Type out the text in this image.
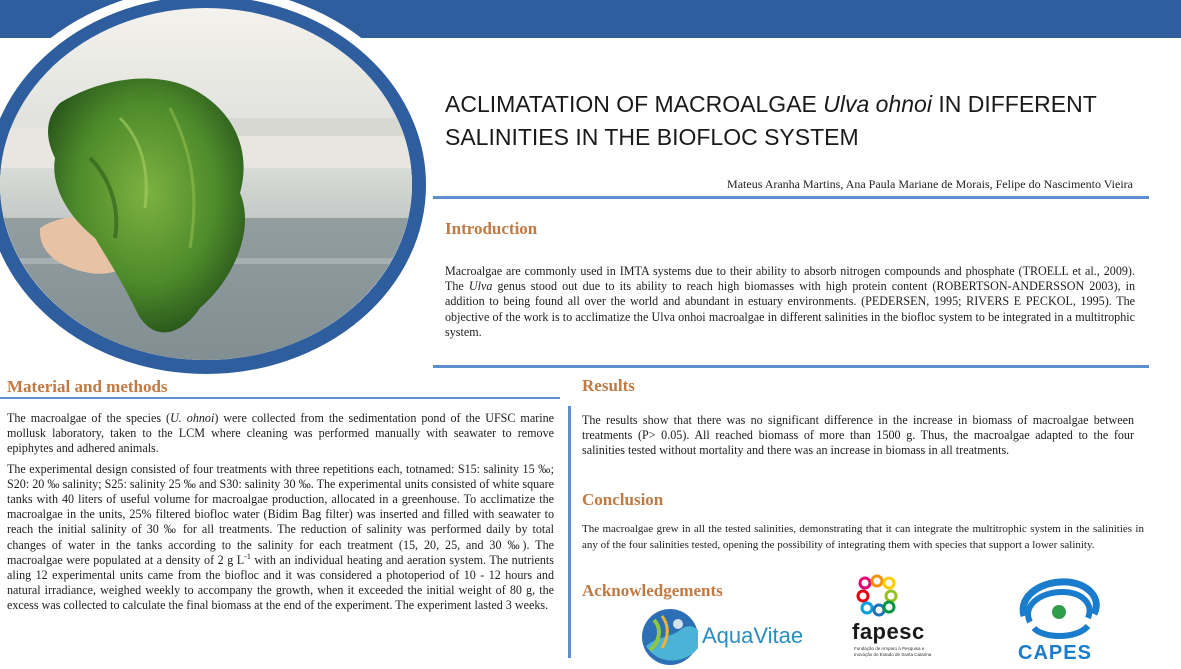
ACLIMATATION OF MACROALGAE Ulva ohnoi IN DIFFERENT SALINITIES IN THE BIOFLOC SYSTEM
Mateus Aranha Martins, Ana Paula Mariane de Morais, Felipe do Nascimento Vieira
Introduction

Macroalgae are commonly used in IMTA systems due to their ability to absorb nitrogen compounds and phosphate (TROELL et al., 2009). The Ulva genus stood out due to its ability to reach high biomasses with high protein content (ROBERTSON-ANDERSSON 2003), in addition to being found all over the world and abundant in estuary environments. (PEDERSEN, 1995; RIVERS E PECKOL, 1995). The objective of the work is to acclimatize the Ulva onhoi macroalgae in different salinities in the biofloc system to be integrated in a multitrophic system.

Material and methods

The macroalgae of the species (U. ohnoi) were collected from the sedimentation pond of the UFSC marine mollusk laboratory, taken to the LCM where cleaning was performed manually with seawater to remove epiphytes and adhered animals.

The experimental design consisted of four treatments with three repetitions each, totnamed: S15: salinity 15 ‰; S20: 20 ‰ salinity; S25: salinity 25 ‰ and S30: salinity 30 ‰. The experimental units consisted of white square tanks with 40 liters of useful volume for macroalgae production, allocated in a greenhouse. To acclimatize the macroalgae in the units, 25% filtered biofloc water (Bidim Bag filter) was inserted and filled with seawater to reach the initial salinity of 30 ‰ for all treatments. The reduction of salinity was performed daily by total changes of water in the tanks according to the salinity for each treatment (15, 20, 25, and 30 ‰). The macroalgae were populated at a density of 2 g $L^{-1}$ with an individual heating and aeration system. The nutrients aling 12 experimental units came from the biofloc and it was considered a photoperiod of 10 - 12 hours and natural irradiance, weighed weekly to accompany the growth, when it exceeded the initial weight of 80 g, the excess was collected to calculate the final biomass at the end of the experiment. The experiment lasted 3 weeks.

Results

The results show that there was no significant difference in the increase in biomass of macroalgae between treatments (P> 0.05). All reached biomass of more than 1500 g. Thus, the macroalgae adapted to the four salinities tested without mortality and there was an increase in biomass in all treatments.

Conclusion

The macroalgae grew in all the tested salinities, demonstrating that it can integrate the multitrophic system in the salinities in any of the four salinities tested, opening the possibility of integrating them with species that support a lower salinity.

Acknowledgements
AquaVitae fapesc
Fundação de Amparo à Pesquisa e Inovação do Estado de Santa Catarina	CAPES
